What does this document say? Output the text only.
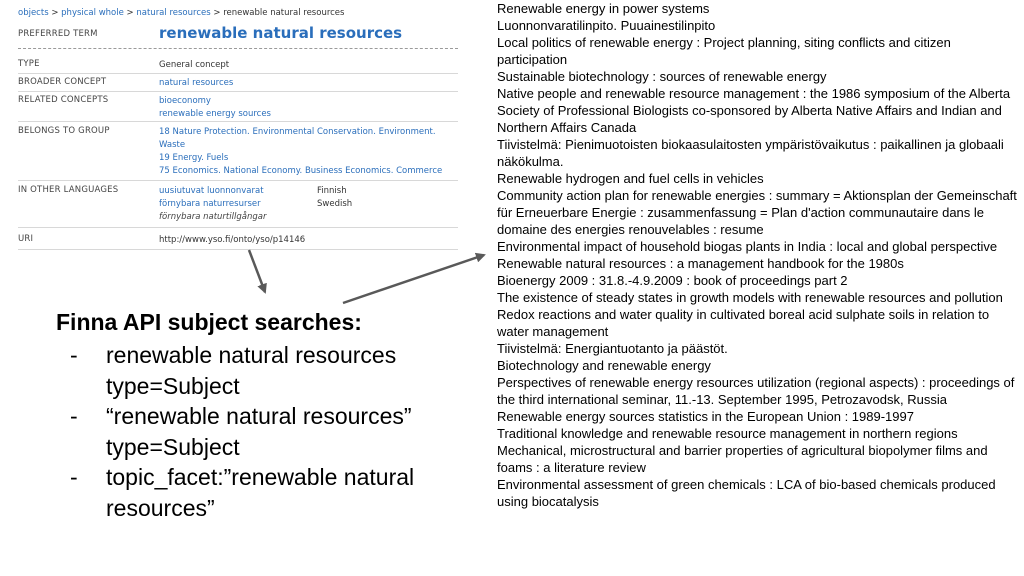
objects > physical whole > natural resources > renewable natural resources
PREFERRED TERM	renewable natural resources
TYPE	General concept
BROADER CONCEPT	natural resources
RELATED CONCEPTS	bioeconomy
renewable energy sources
BELONGS TO GROUP	18 Nature Protection. Environmental Conservation. Environment. Waste
19 Energy. Fuels
75 Economics. National Economy. Business Economics. Commerce
IN OTHER LANGUAGES	uusiutuvat luonnonvarat	Finnish
förnybara naturresurser	Swedish
förnybara naturtillgångar
URI	http://www.yso.fi/onto/yso/p14146
Finna API subject searches:
- renewable natural resources type=Subject
- “renewable natural resources” type=Subject
- topic_facet:”renewable natural resources”
Renewable energy in power systems
Luonnonvaratilinpito. Puuainestilinpito
Local politics of renewable energy : Project planning, siting conflicts and citizen participation
Sustainable biotechnology : sources of renewable energy
Native people and renewable resource management : the 1986 symposium of the Alberta Society of Professional Biologists co-sponsored by Alberta Native Affairs and Indian and Northern Affairs Canada
Tiivistelmä: Pienimuotoisten biokaasulaitosten ympäristövaikutus : paikallinen ja globaali näkökulma.
Renewable hydrogen and fuel cells in vehicles
Community action plan for renewable energies : summary = Aktionsplan der Gemeinschaft für Erneuerbare Energie : zusammenfassung = Plan d'action communautaire dans le domaine des energies renouvelables : resume
Environmental impact of household biogas plants in India : local and global perspective
Renewable natural resources : a management handbook for the 1980s
Bioenergy 2009 : 31.8.-4.9.2009 : book of proceedings part 2
The existence of steady states in growth models with renewable resources and pollution
Redox reactions and water quality in cultivated boreal acid sulphate soils in relation to water management
Tiivistelmä: Energiantuotanto ja päästöt.
Biotechnology and renewable energy
Perspectives of renewable energy resources utilization (regional aspects) : proceedings of the third international seminar, 11.-13. September 1995, Petrozavodsk, Russia
Renewable energy sources statistics in the European Union : 1989-1997
Traditional knowledge and renewable resource management in northern regions
Mechanical, microstructural and barrier properties of agricultural biopolymer films and foams : a literature review
Environmental assessment of green chemicals : LCA of bio-based chemicals produced using biocatalysis
